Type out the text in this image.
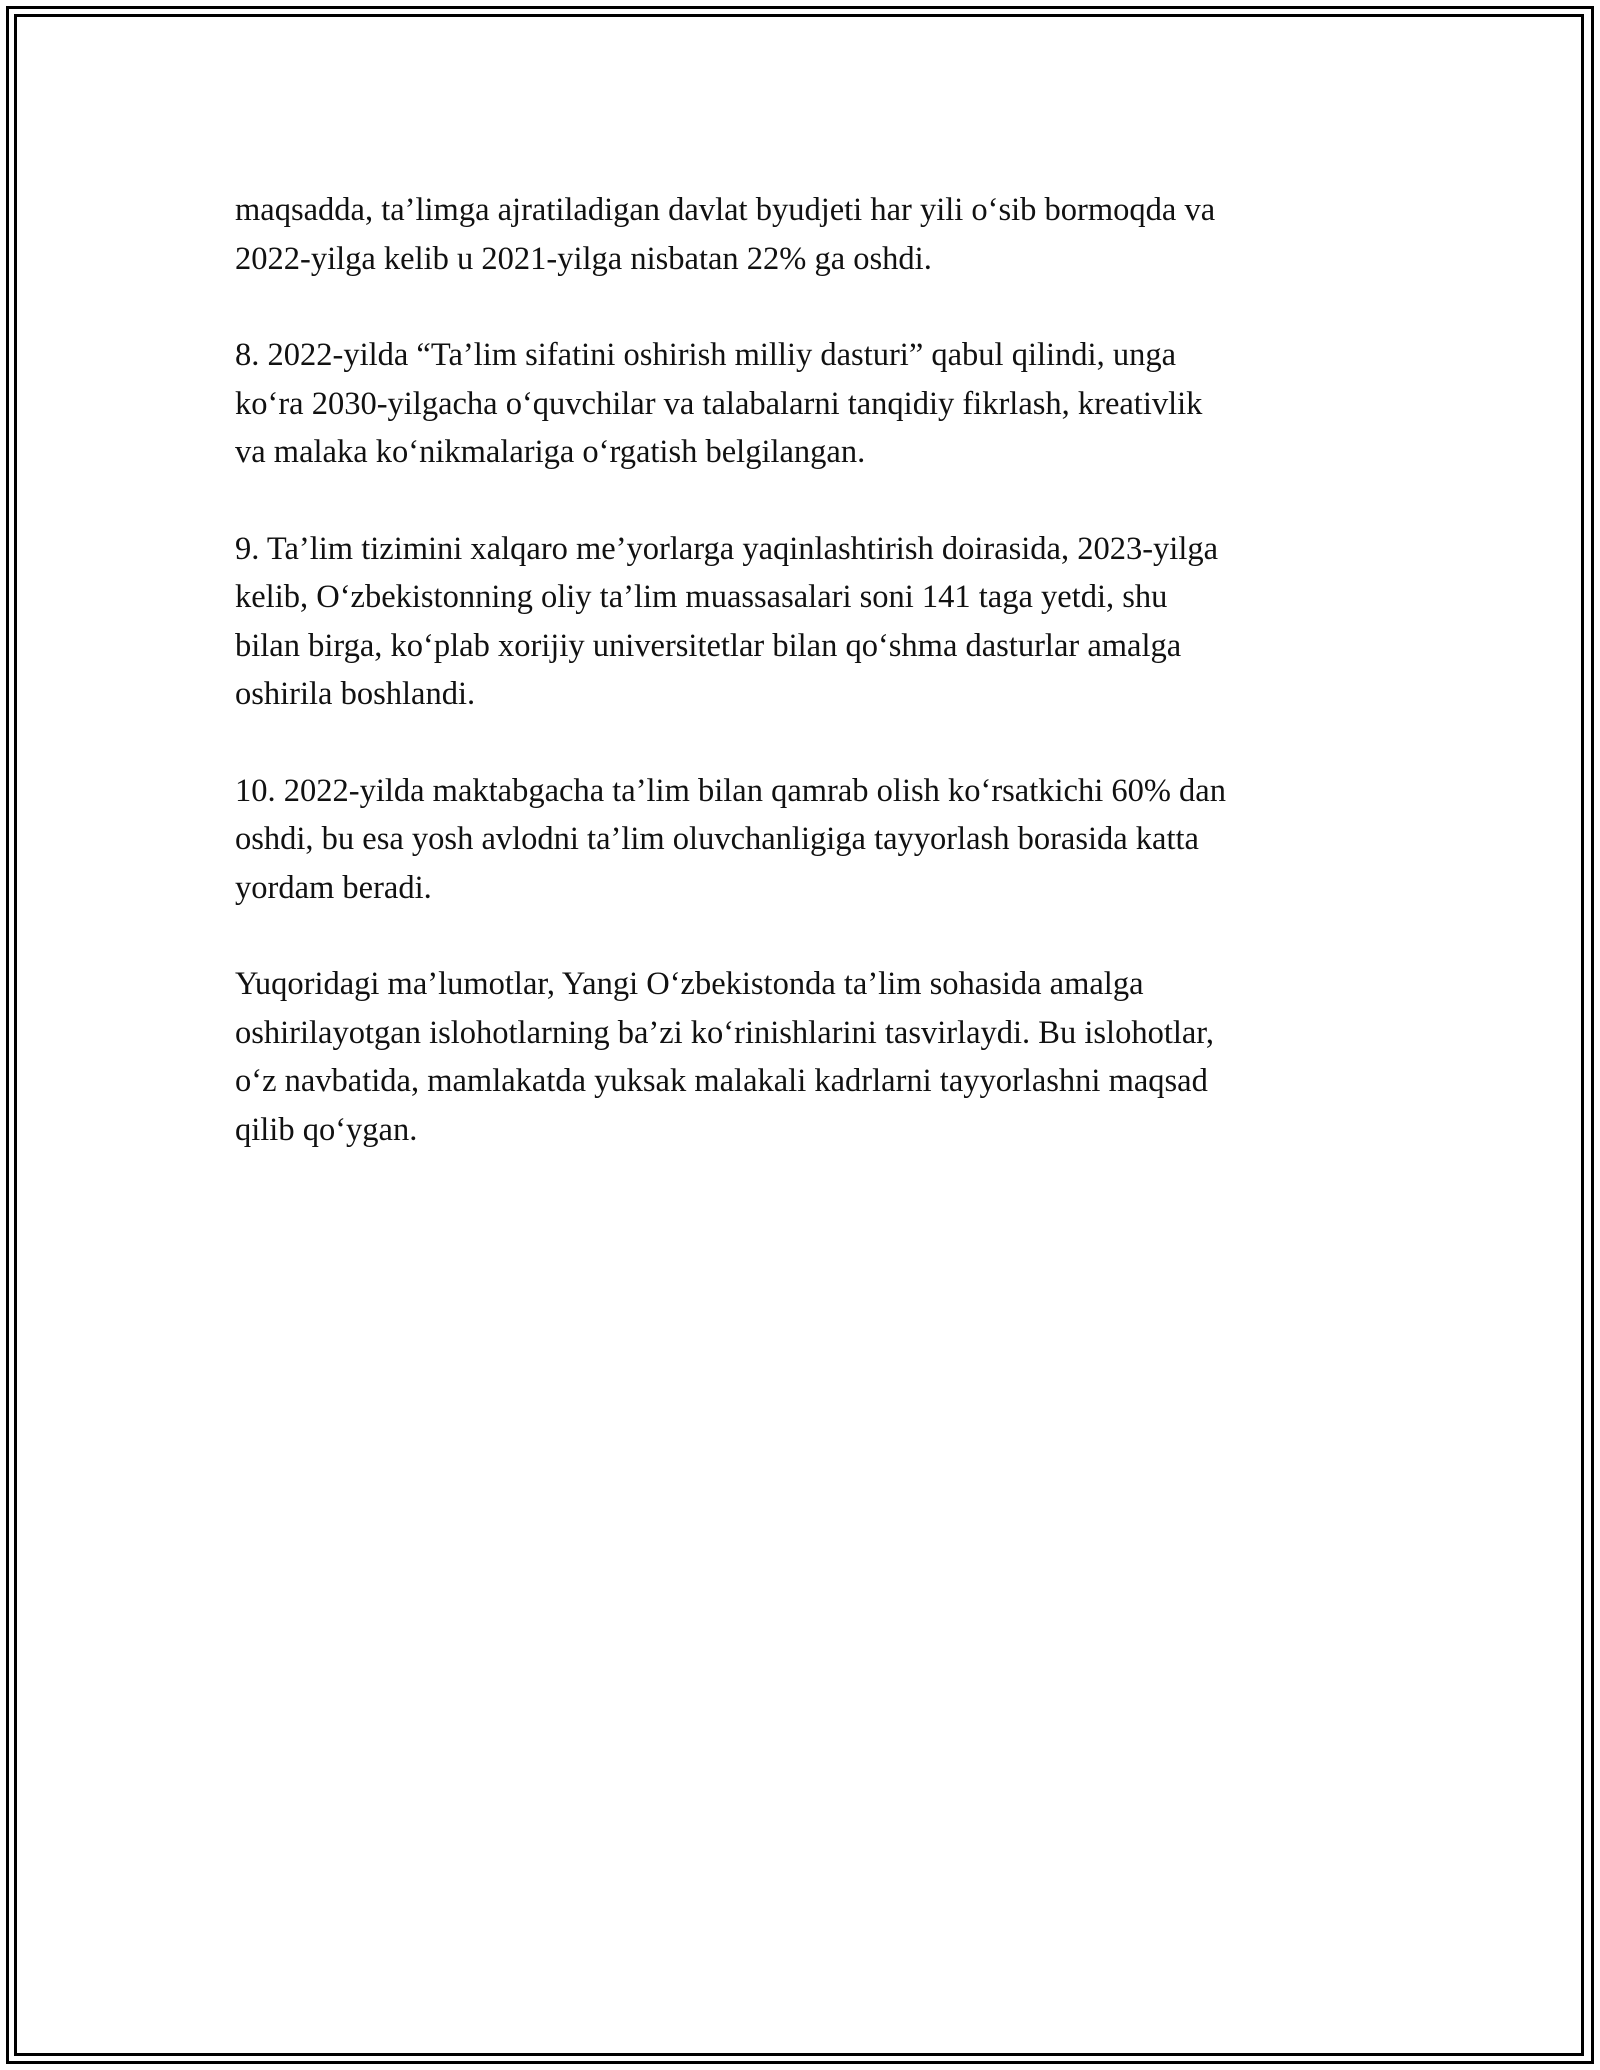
maqsadda, ta’limga ajratiladigan davlat byudjeti har yili o‘sib bormoqda va
2022-yilga kelib u 2021-yilga nisbatan 22% ga oshdi.

8. 2022-yilda “Ta’lim sifatini oshirish milliy dasturi” qabul qilindi, unga
ko‘ra 2030-yilgacha o‘quvchilar va talabalarni tanqidiy fikrlash, kreativlik
va malaka ko‘nikmalariga o‘rgatish belgilangan.

9. Ta’lim tizimini xalqaro me’yorlarga yaqinlashtirish doirasida, 2023-yilga
kelib, O‘zbekistonning oliy ta’lim muassasalari soni 141 taga yetdi, shu
bilan birga, ko‘plab xorijiy universitetlar bilan qo‘shma dasturlar amalga
oshirila boshlandi.

10. 2022-yilda maktabgacha ta’lim bilan qamrab olish ko‘rsatkichi 60% dan
oshdi, bu esa yosh avlodni ta’lim oluvchanligiga tayyorlash borasida katta
yordam beradi.

Yuqoridagi ma’lumotlar, Yangi O‘zbekistonda ta’lim sohasida amalga
oshirilayotgan islohotlarning ba’zi ko‘rinishlarini tasvirlaydi. Bu islohotlar,
o‘z navbatida, mamlakatda yuksak malakali kadrlarni tayyorlashni maqsad
qilib qo‘ygan.
